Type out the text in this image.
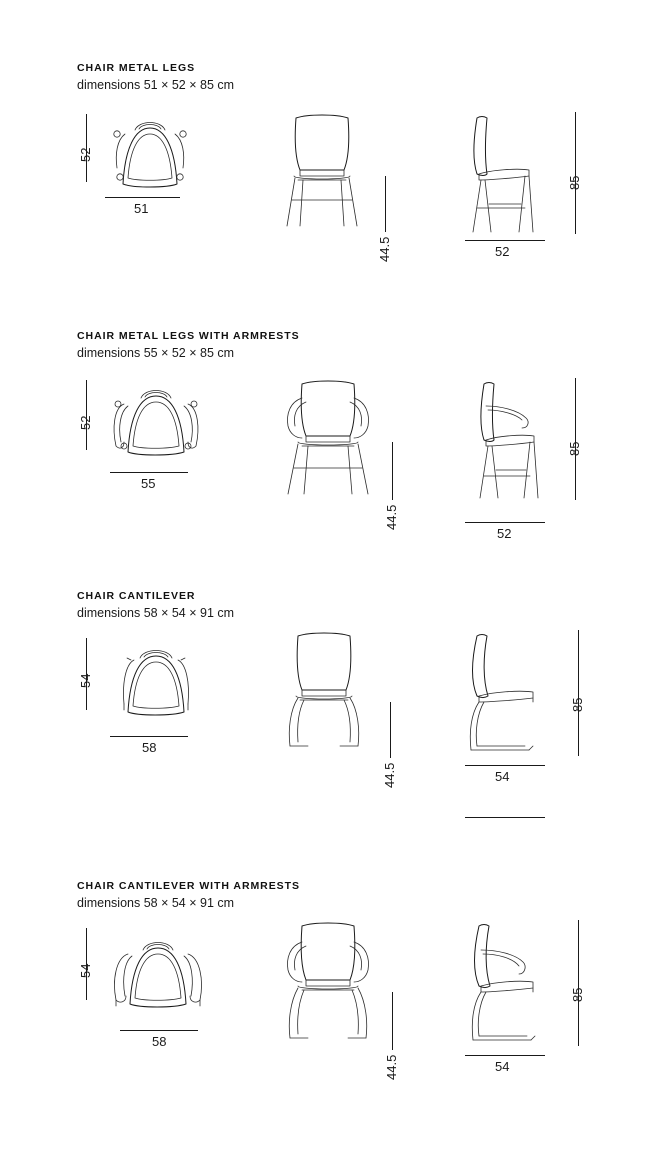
CHAIR METAL LEGS
dimensions 51 × 52 × 85 cm
52
51
44.5
85
52
CHAIR METAL LEGS WITH ARMRESTS
dimensions 55 × 52 × 85 cm
52
55
44.5
85
52
CHAIR CANTILEVER
dimensions 58 × 54 × 91 cm
54
58
44.5
85
54
CHAIR CANTILEVER WITH ARMRESTS
dimensions 58 × 54 × 91 cm
54
58
44.5
85
54
